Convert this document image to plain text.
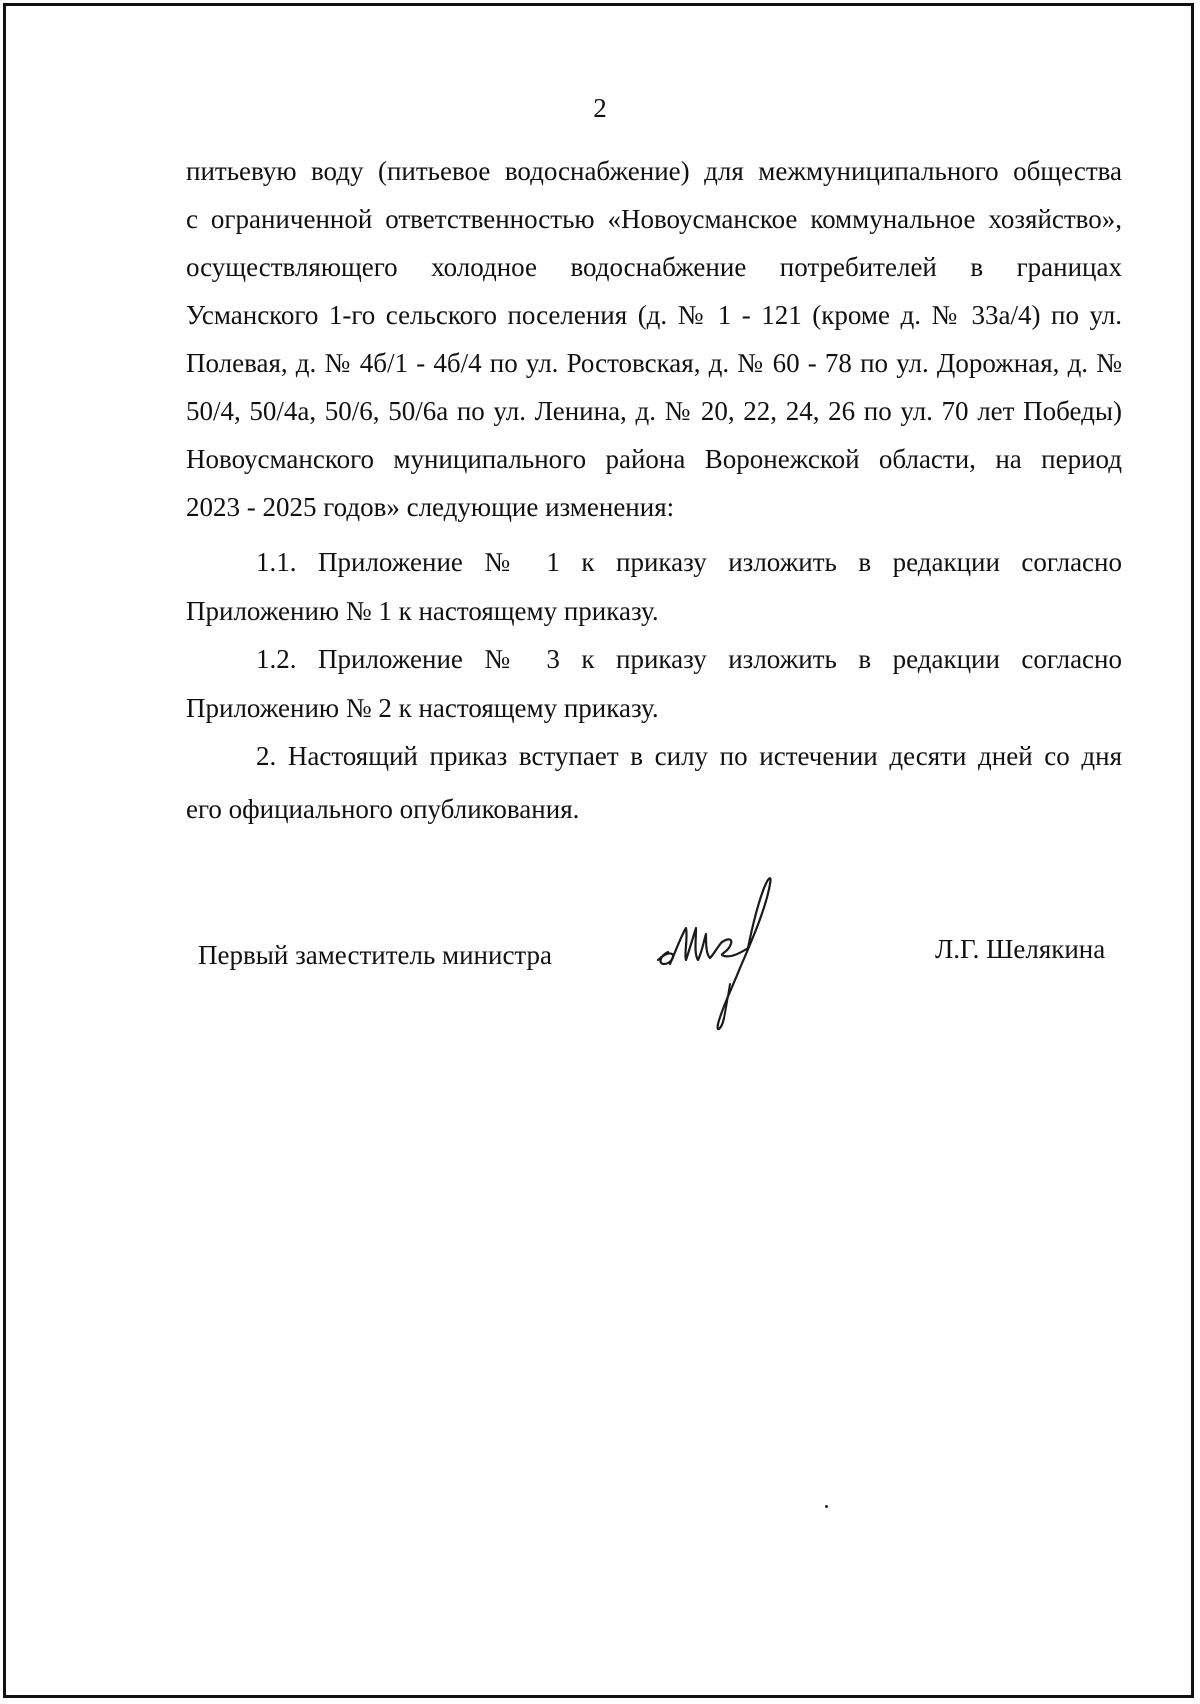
2
питьевую воду (питьевое водоснабжение) для межмуниципального общества
с ограниченной ответственностью «Новоусманское коммунальное хозяйство»,
осуществляющего холодное водоснабжение потребителей в границах
Усманского 1-го сельского поселения (д. № 1 - 121 (кроме д. № 33а/4) по ул.
Полевая, д. № 4б/1 - 4б/4 по ул. Ростовская, д. № 60 - 78 по ул. Дорожная, д. №
50/4, 50/4а, 50/6, 50/6а по ул. Ленина, д. № 20, 22, 24, 26 по ул. 70 лет Победы)
Новоусманского муниципального района Воронежской области, на период
2023 - 2025 годов» следующие изменения:
1.1. Приложение № 1 к приказу изложить в редакции согласно
Приложению № 1 к настоящему приказу.
1.2. Приложение № 3 к приказу изложить в редакции согласно
Приложению № 2 к настоящему приказу.
2. Настоящий приказ вступает в силу по истечении десяти дней со дня
его официального опубликования.
Первый заместитель министра	Л.Г. Шелякина
